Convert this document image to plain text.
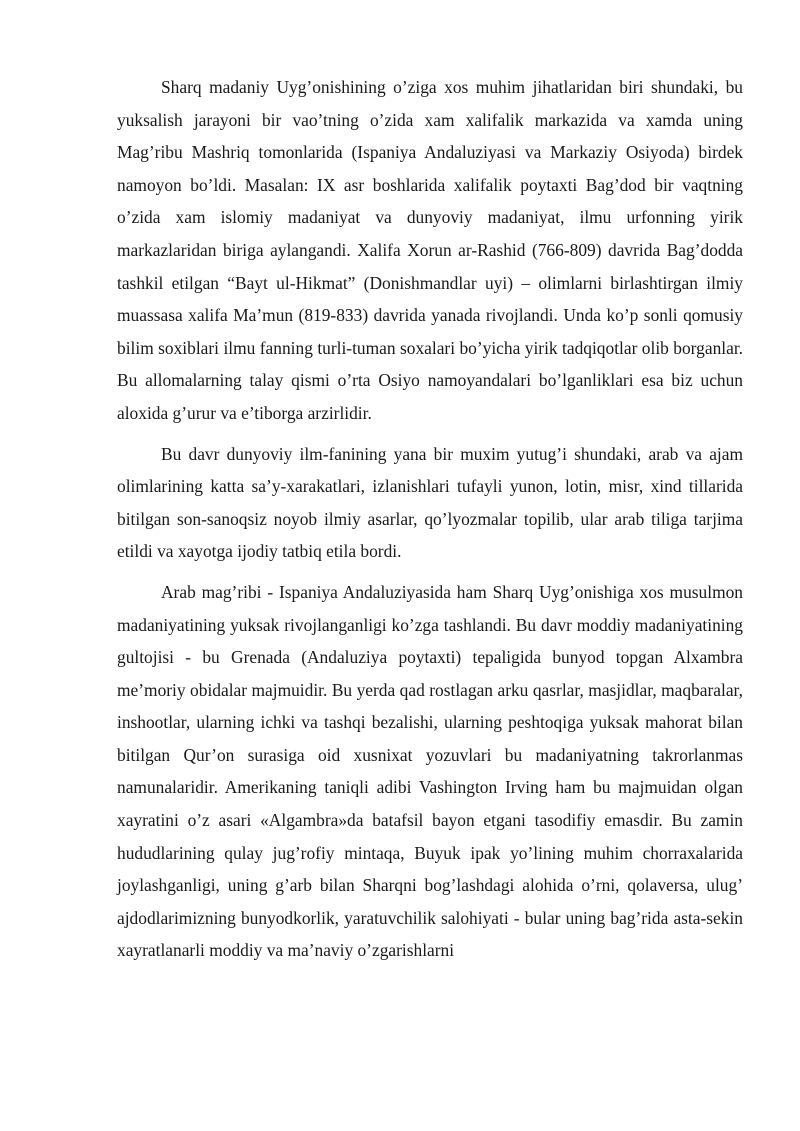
Sharq madaniy Uyg’onishining o’ziga xos muhim jihatlaridan biri shundaki, bu yuksalish jarayoni bir vao’tning o’zida xam xalifalik markazida va xamda uning Mag’ribu Mashriq tomonlarida (Ispaniya Andaluziyasi va Markaziy Osiyoda) birdek namoyon bo’ldi. Masalan: IX asr boshlarida xalifalik poytaxti Bag’dod bir vaqtning o’zida xam islomiy madaniyat va dunyoviy madaniyat, ilmu urfonning yirik markazlaridan biriga aylangandi. Xalifa Xorun ar-Rashid (766-809) davrida Bag’dodda tashkil etilgan “Bayt ul-Hikmat” (Donishmandlar uyi) – olimlarni birlashtirgan ilmiy muassasa xalifa Ma’mun (819-833) davrida yanada rivojlandi. Unda ko’p sonli qomusiy bilim soxiblari ilmu fanning turli-tuman soxalari bo’yicha yirik tadqiqotlar olib borganlar. Bu allomalarning talay qismi o’rta Osiyo namoyandalari bo’lganliklari esa biz uchun aloxida g’urur va e’tiborga arzirlidir.

Bu davr dunyoviy ilm-fanining yana bir muxim yutug’i shundaki, arab va ajam olimlarining katta sa’y-xarakatlari, izlanishlari tufayli yunon, lotin, misr, xind tillarida bitilgan son-sanoqsiz noyob ilmiy asarlar, qo’lyozmalar topilib, ular arab tiliga tarjima etildi va xayotga ijodiy tatbiq etila bordi.

Arab mag’ribi - Ispaniya Andaluziyasida ham Sharq Uyg’onishiga xos musulmon madaniyatining yuksak rivojlanganligi ko’zga tashlandi. Bu davr moddiy madaniyatining gultojisi - bu Grenada (Andaluziya poytaxti) tepaligida bunyod topgan Alxambra me’moriy obidalar majmuidir. Bu yerda qad rostlagan arku qasrlar, masjidlar, maqbaralar, inshootlar, ularning ichki va tashqi bezalishi, ularning peshtoqiga yuksak mahorat bilan bitilgan Qur’on surasiga oid xusnixat yozuvlari bu madaniyatning takrorlanmas namunalaridir. Amerikaning taniqli adibi Vashington Irving ham bu majmuidan olgan xayratini o’z asari «Algambra»da batafsil bayon etgani tasodifiy emasdir. Bu zamin hududlarining qulay jug’rofiy mintaqa, Buyuk ipak yo’lining muhim chorraxalarida joylashganligi, uning g’arb bilan Sharqni bog’lashdagi alohida o’rni, qolaversa, ulug’ ajdodlarimizning bunyodkorlik, yaratuvchilik salohiyati - bular uning bag’rida asta-sekin xayratlanarli moddiy va ma’naviy o’zgarishlarni
